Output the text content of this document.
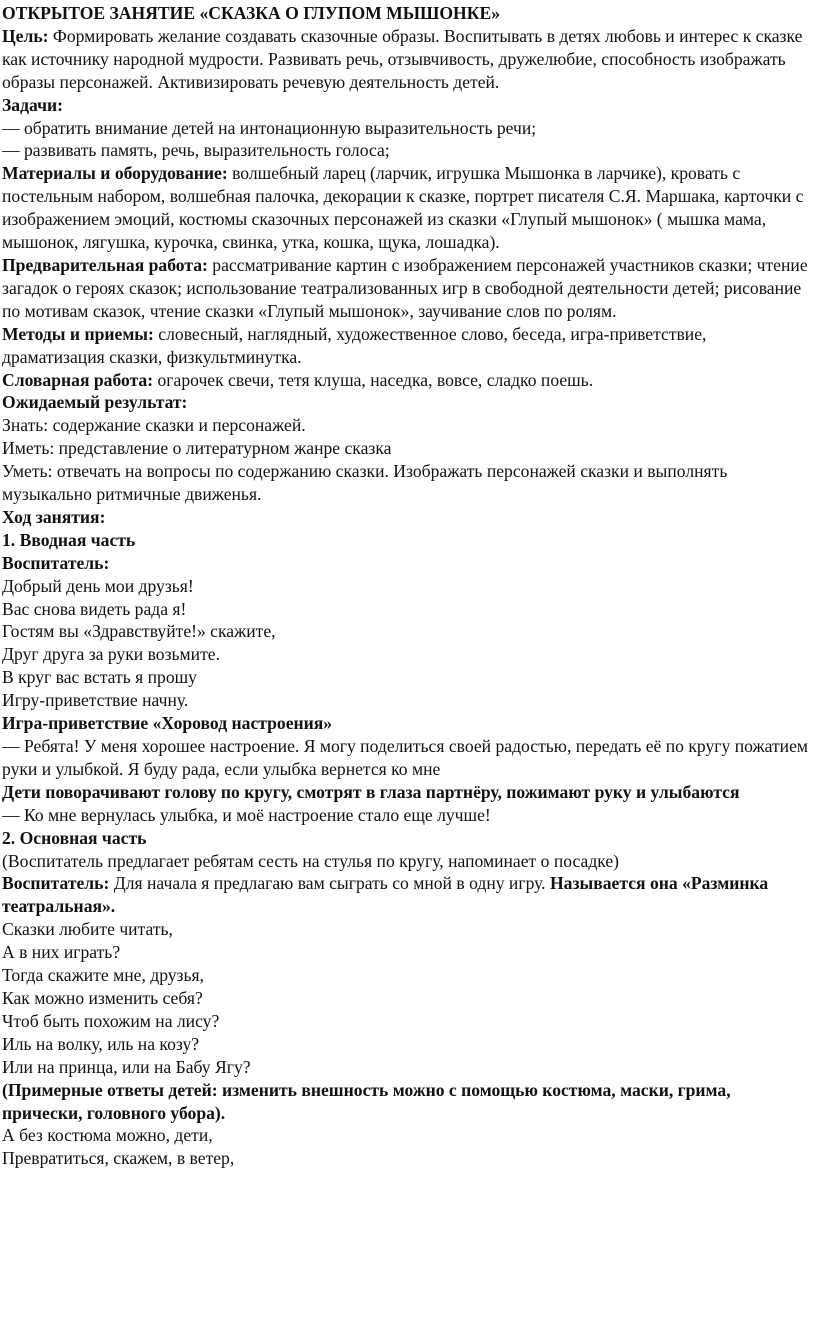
ОТКРЫТОЕ ЗАНЯТИЕ «СКАЗКА О ГЛУПОМ МЫШОНКЕ»

Цель: Формировать желание создавать сказочные образы. Воспитывать в детях любовь и интерес к сказке как источнику народной мудрости. Развивать речь, отзывчивость, дружелюбие, способность изображать образы персонажей. Активизировать речевую деятельность детей.

Задачи:

— обратить внимание детей на интонационную выразительность речи;

— развивать память, речь, выразительность голоса;

Материалы и оборудование: волшебный ларец (ларчик, игрушка Мышонка в ларчике), кровать с постельным набором, волшебная палочка, декорации к сказке, портрет писателя С.Я. Маршака, карточки с изображением эмоций, костюмы сказочных персонажей из сказки «Глупый мышонок» ( мышка мама, мышонок, лягушка, курочка, свинка, утка, кошка, щука, лошадка).

Предварительная работа: рассматривание картин с изображением персонажей участников сказки; чтение загадок о героях сказок; использование театрализованных игр в свободной деятельности детей; рисование по мотивам сказок, чтение сказки «Глупый мышонок», заучивание слов по ролям.

Методы и приемы: словесный, наглядный, художественное слово, беседа, игра-приветствие, драматизация сказки, физкультминутка.

Словарная работа: огарочек свечи, тетя клуша, наседка, вовсе, сладко поешь.

Ожидаемый результат:

Знать: содержание сказки и персонажей.

Иметь: представление о литературном жанре сказка

Уметь: отвечать на вопросы по содержанию сказки. Изображать персонажей сказки и выполнять музыкально ритмичные движенья.

Ход занятия:

1. Вводная часть

Воспитатель:

Добрый день мои друзья!

Вас снова видеть рада я!

Гостям вы «Здравствуйте!» скажите,

Друг друга за руки возьмите.

В круг вас встать я прошу

Игру-приветствие начну.

Игра-приветствие «Хоровод настроения»

— Ребята! У меня хорошее настроение. Я могу поделиться своей радостью, передать её по кругу пожатием руки и улыбкой. Я буду рада, если улыбка вернется ко мне

Дети поворачивают голову по кругу, смотрят в глаза партнёру, пожимают руку и улыбаются

— Ко мне вернулась улыбка, и моё настроение стало еще лучше!

2. Основная часть

(Воспитатель предлагает ребятам сесть на стулья по кругу, напоминает о посадке)

Воспитатель: Для начала я предлагаю вам сыграть со мной в одну игру. Называется она «Разминка театральная».

Сказки любите читать,

А в них играть?

Тогда скажите мне, друзья,

Как можно изменить себя?

Чтоб быть похожим на лису?

Иль на волку, иль на козу?

Или на принца, или на Бабу Ягу?

(Примерные ответы детей: изменить внешность можно с помощью костюма, маски, грима, прически, головного убора).

А без костюма можно, дети,

Превратиться, скажем, в ветер,
